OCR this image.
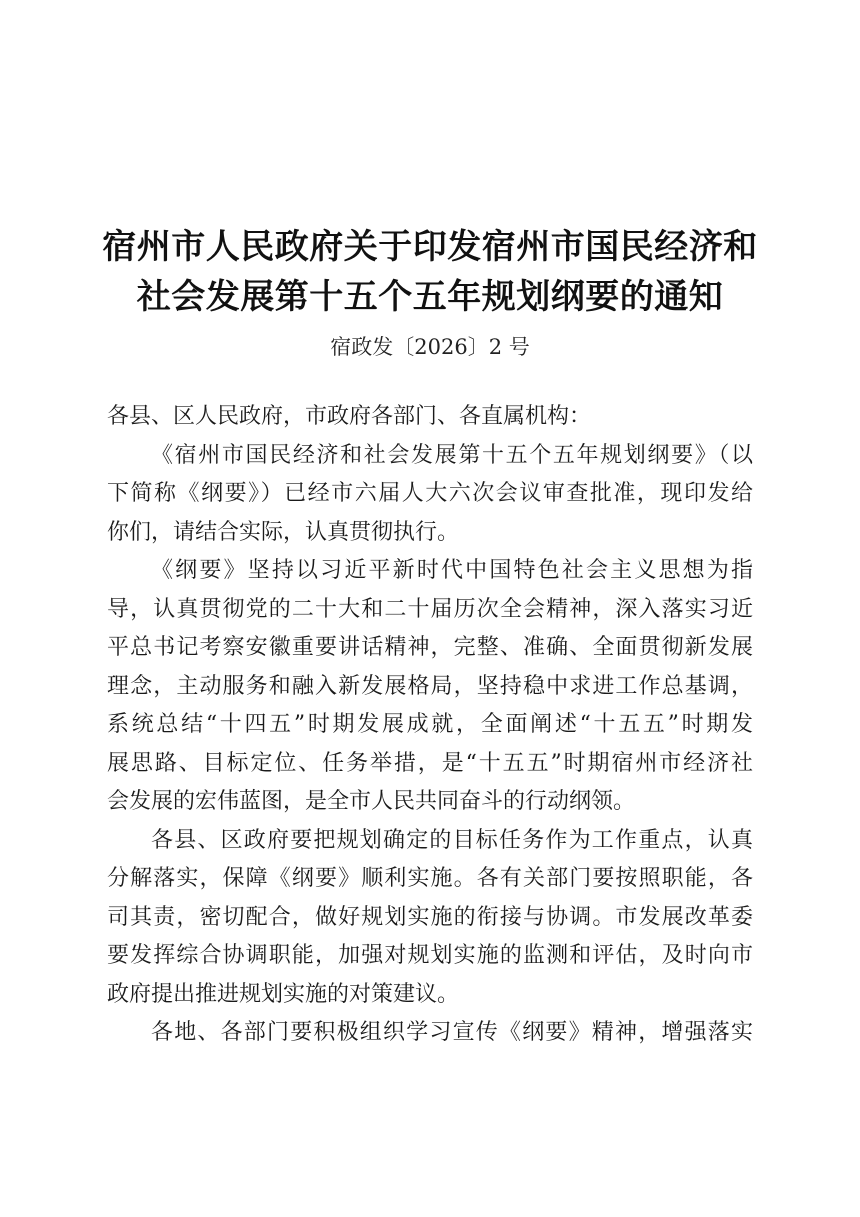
宿州市人民政府关于印发宿州市国民经济和
社会发展第十五个五年规划纲要的通知
宿政发〔2026〕2 号
各县、区人民政府，市政府各部门、各直属机构：
《宿州市国民经济和社会发展第十五个五年规划纲要》（以
下简称《纲要》）已经市六届人大六次会议审查批准，现印发给
你们，请结合实际，认真贯彻执行。
《纲要》坚持以习近平新时代中国特色社会主义思想为指
导，认真贯彻党的二十大和二十届历次全会精神，深入落实习近
平总书记考察安徽重要讲话精神，完整、准确、全面贯彻新发展
理念，主动服务和融入新发展格局，坚持稳中求进工作总基调，
系统总结“十四五”时期发展成就，全面阐述“十五五”时期发
展思路、目标定位、任务举措，是“十五五”时期宿州市经济社
会发展的宏伟蓝图，是全市人民共同奋斗的行动纲领。
各县、区政府要把规划确定的目标任务作为工作重点，认真
分解落实，保障《纲要》顺利实施。各有关部门要按照职能，各
司其责，密切配合，做好规划实施的衔接与协调。市发展改革委
要发挥综合协调职能，加强对规划实施的监测和评估，及时向市
政府提出推进规划实施的对策建议。
各地、各部门要积极组织学习宣传《纲要》精神，增强落实
